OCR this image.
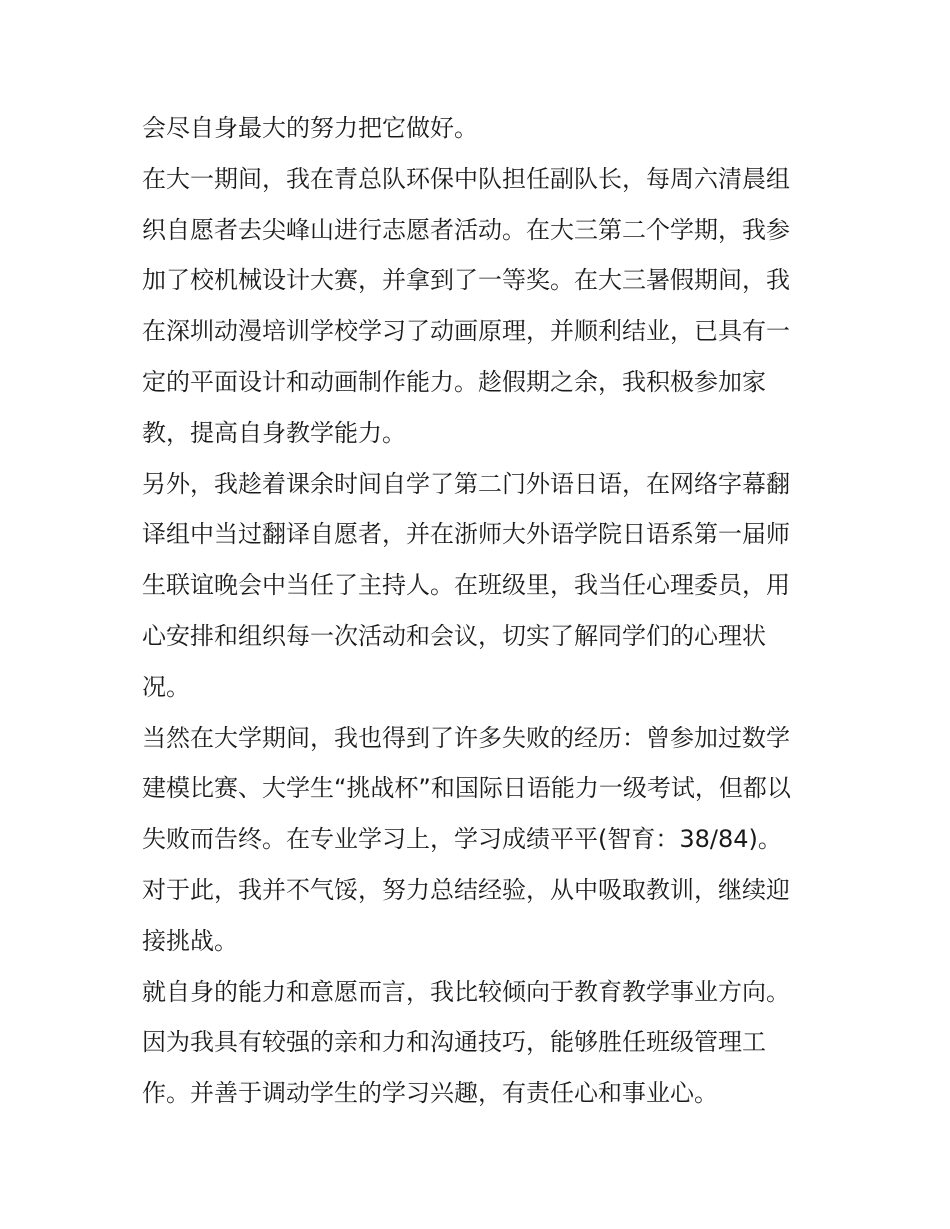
会尽自身最大的努力把它做好。
在大一期间，我在青总队环保中队担任副队长，每周六清晨组
织自愿者去尖峰山进行志愿者活动。在大三第二个学期，我参
加了校机械设计大赛，并拿到了一等奖。在大三暑假期间，我
在深圳动漫培训学校学习了动画原理，并顺利结业，已具有一
定的平面设计和动画制作能力。趁假期之余，我积极参加家
教，提高自身教学能力。
另外，我趁着课余时间自学了第二门外语日语，在网络字幕翻
译组中当过翻译自愿者，并在浙师大外语学院日语系第一届师
生联谊晚会中当任了主持人。在班级里，我当任心理委员，用
心安排和组织每一次活动和会议，切实了解同学们的心理状
况。
当然在大学期间，我也得到了许多失败的经历：曾参加过数学
建模比赛、大学生“挑战杯”和国际日语能力一级考试，但都以
失败而告终。在专业学习上，学习成绩平平(智育：38/84)。
对于此，我并不气馁，努力总结经验，从中吸取教训，继续迎
接挑战。
就自身的能力和意愿而言，我比较倾向于教育教学事业方向。
因为我具有较强的亲和力和沟通技巧，能够胜任班级管理工
作。并善于调动学生的学习兴趣，有责任心和事业心。
